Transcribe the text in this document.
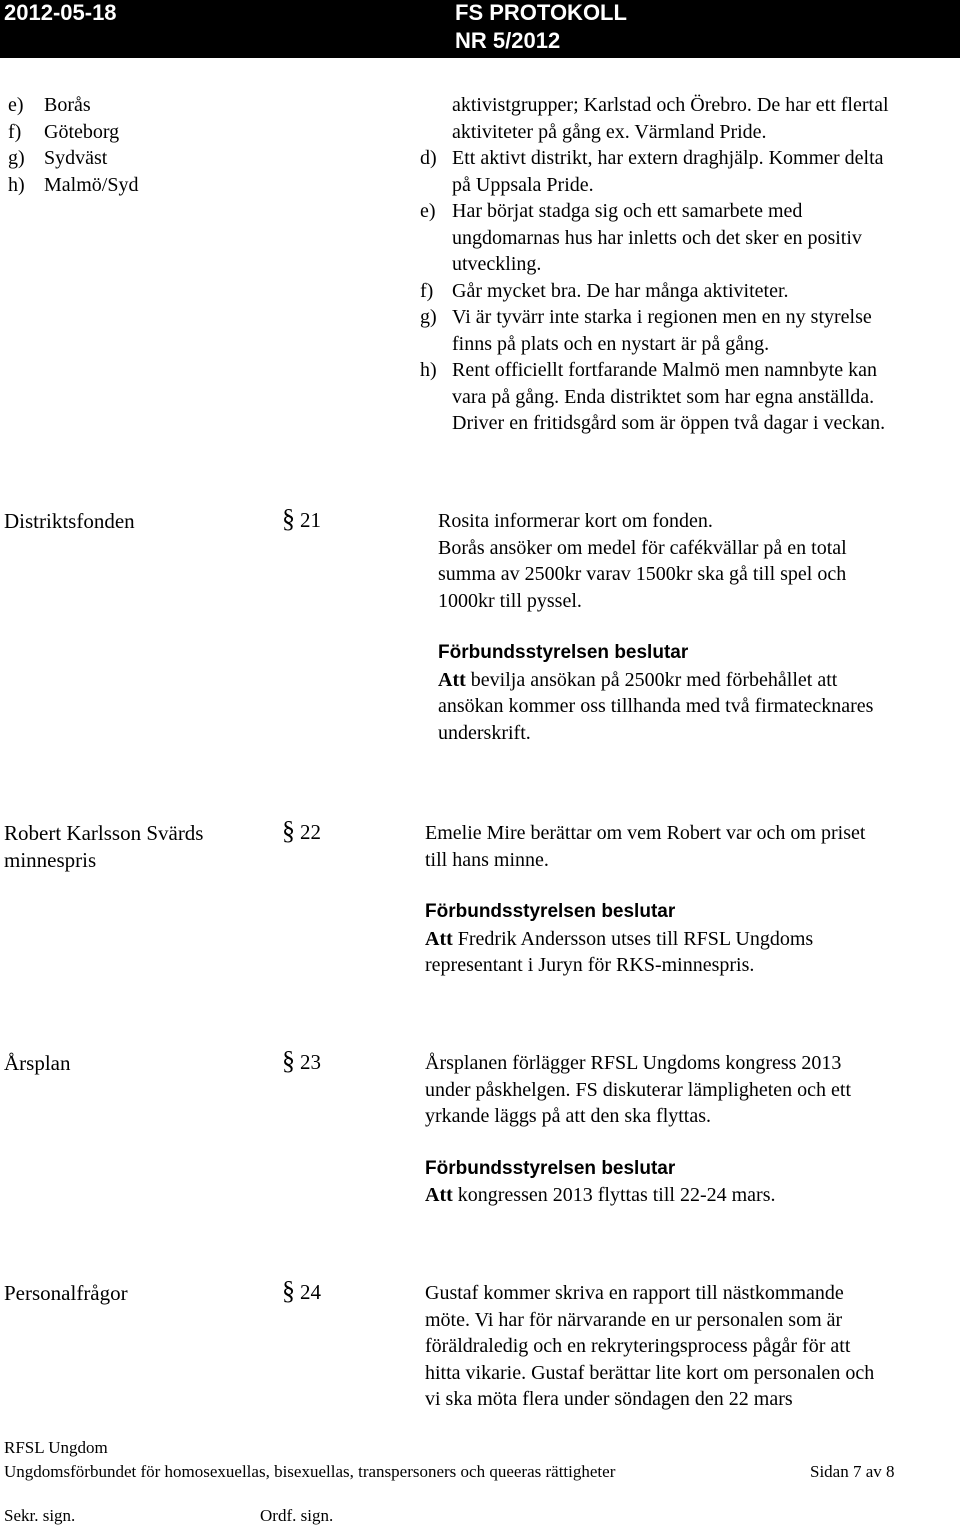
2012-05-18	FS PROTOKOLL
NR 5/2012
e) Borås
f) Göteborg
g) Sydväst
h) Malmö/Syd
aktivistgrupper; Karlstad och Örebro. De har ett flertal
aktiviteter på gång ex. Värmland Pride.
d) Ett aktivt distrikt, har extern draghjälp. Kommer delta
på Uppsala Pride.
e) Har börjat stadga sig och ett samarbete med
ungdomarnas hus har inletts och det sker en positiv
utveckling.
f) Går mycket bra. De har många aktiviteter.
g) Vi är tyvärr inte starka i regionen men en ny styrelse
finns på plats och en nystart är på gång.
h) Rent officiellt fortfarande Malmö men namnbyte kan
vara på gång. Enda distriktet som har egna anställda.
Driver en fritidsgård som är öppen två dagar i veckan.
Distriktsfonden	§ 21	Rosita informerar kort om fonden.
Borås ansöker om medel för cafékvällar på en total
summa av 2500kr varav 1500kr ska gå till spel och
1000kr till pyssel.
Förbundsstyrelsen beslutar
Att bevilja ansökan på 2500kr med förbehållet att
ansökan kommer oss tillhanda med två firmatecknares
underskrift.
Robert Karlsson Svärds
minnespris
§ 22	Emelie Mire berättar om vem Robert var och om priset
till hans minne.
Förbundsstyrelsen beslutar
Att Fredrik Andersson utses till RFSL Ungdoms
representant i Juryn för RKS-minnespris.
Årsplan	§ 23	Årsplanen förlägger RFSL Ungdoms kongress 2013
under påskhelgen. FS diskuterar lämpligheten och ett
yrkande läggs på att den ska flyttas.
Förbundsstyrelsen beslutar
Att kongressen 2013 flyttas till 22-24 mars.
Personalfrågor	§ 24	Gustaf kommer skriva en rapport till nästkommande
möte. Vi har för närvarande en ur personalen som är
föräldraledig och en rekryteringsprocess pågår för att
hitta vikarie. Gustaf berättar lite kort om personalen och
vi ska möta flera under söndagen den 22 mars
RFSL Ungdom
Ungdomsförbundet för homosexuellas, bisexuellas, transpersoners och queeras rättigheter	Sidan 7 av 8
Sekr. sign.	Ordf. sign.
